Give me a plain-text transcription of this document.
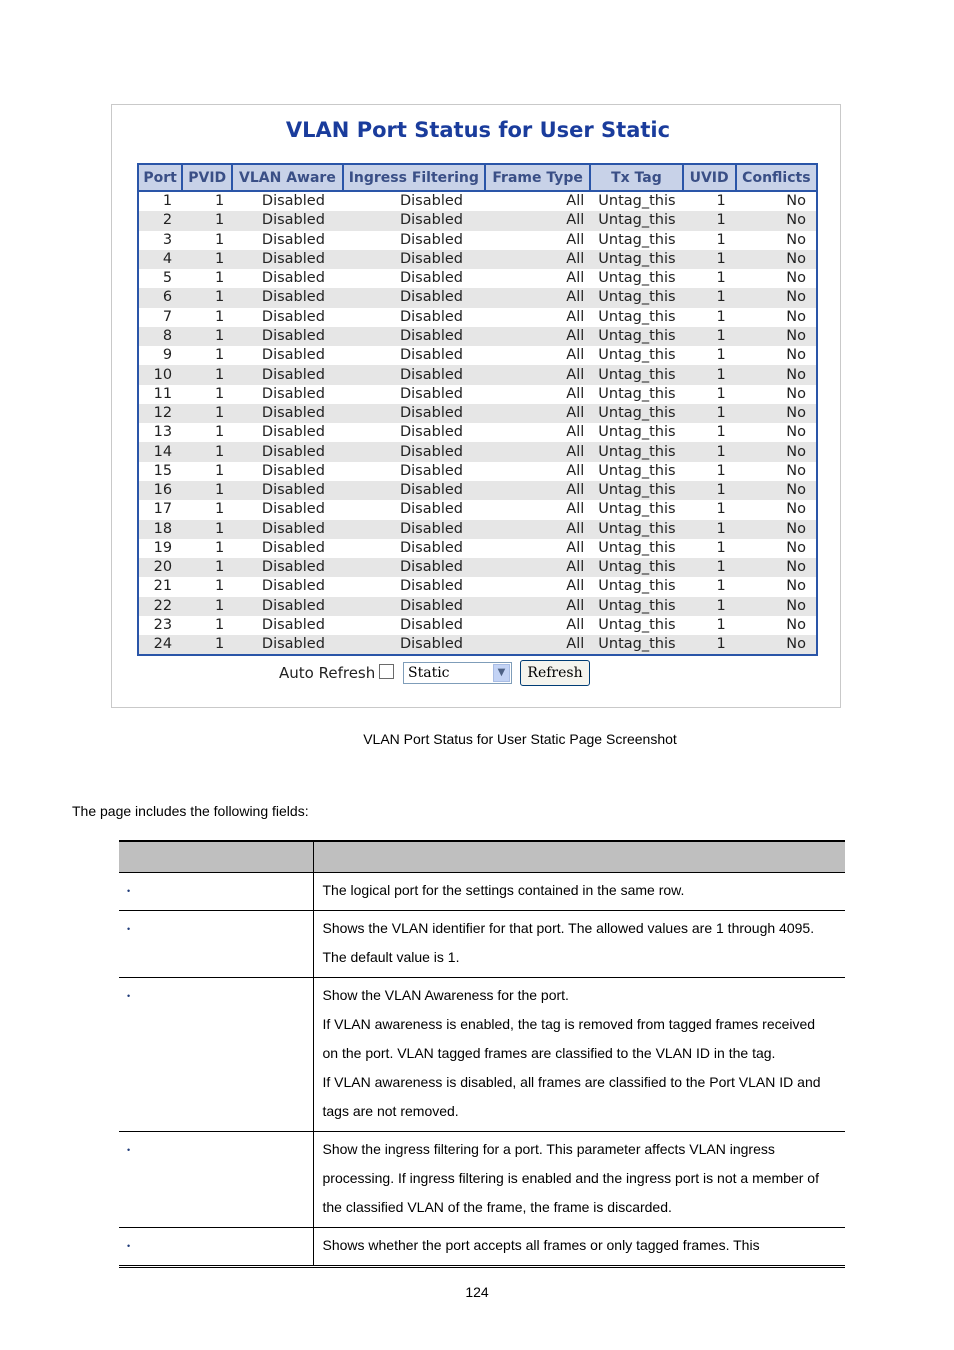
VLAN Port Status for User Static
Port	PVID	VLAN Aware	Ingress Filtering	Frame Type	Tx Tag	UVID	Conflicts
1	1	Disabled	Disabled	All	Untag_this	1	No
2	1	Disabled	Disabled	All	Untag_this	1	No
3	1	Disabled	Disabled	All	Untag_this	1	No
4	1	Disabled	Disabled	All	Untag_this	1	No
5	1	Disabled	Disabled	All	Untag_this	1	No
6	1	Disabled	Disabled	All	Untag_this	1	No
7	1	Disabled	Disabled	All	Untag_this	1	No
8	1	Disabled	Disabled	All	Untag_this	1	No
9	1	Disabled	Disabled	All	Untag_this	1	No
10	1	Disabled	Disabled	All	Untag_this	1	No
11	1	Disabled	Disabled	All	Untag_this	1	No
12	1	Disabled	Disabled	All	Untag_this	1	No
13	1	Disabled	Disabled	All	Untag_this	1	No
14	1	Disabled	Disabled	All	Untag_this	1	No
15	1	Disabled	Disabled	All	Untag_this	1	No
16	1	Disabled	Disabled	All	Untag_this	1	No
17	1	Disabled	Disabled	All	Untag_this	1	No
18	1	Disabled	Disabled	All	Untag_this	1	No
19	1	Disabled	Disabled	All	Untag_this	1	No
20	1	Disabled	Disabled	All	Untag_this	1	No
21	1	Disabled	Disabled	All	Untag_this	1	No
22	1	Disabled	Disabled	All	Untag_this	1	No
23	1	Disabled	Disabled	All	Untag_this	1	No
24	1	Disabled	Disabled	All	Untag_this	1	No
Auto Refresh Static	▼	Refresh
VLAN Port Status for User Static Page Screenshot
The page includes the following fields:

•	The logical port for the settings contained in the same row.

•	Shows the VLAN identifier for that port. The allowed values are 1 through 4095.
The default value is 1.

•	Show the VLAN Awareness for the port.
If VLAN awareness is enabled, the tag is removed from tagged frames received
on the port. VLAN tagged frames are classified to the VLAN ID in the tag.
If VLAN awareness is disabled, all frames are classified to the Port VLAN ID and
tags are not removed.

•	Show the ingress filtering for a port. This parameter affects VLAN ingress
processing. If ingress filtering is enabled and the ingress port is not a member of
the classified VLAN of the frame, the frame is discarded.

•	Shows whether the port accepts all frames or only tagged frames. This
124
